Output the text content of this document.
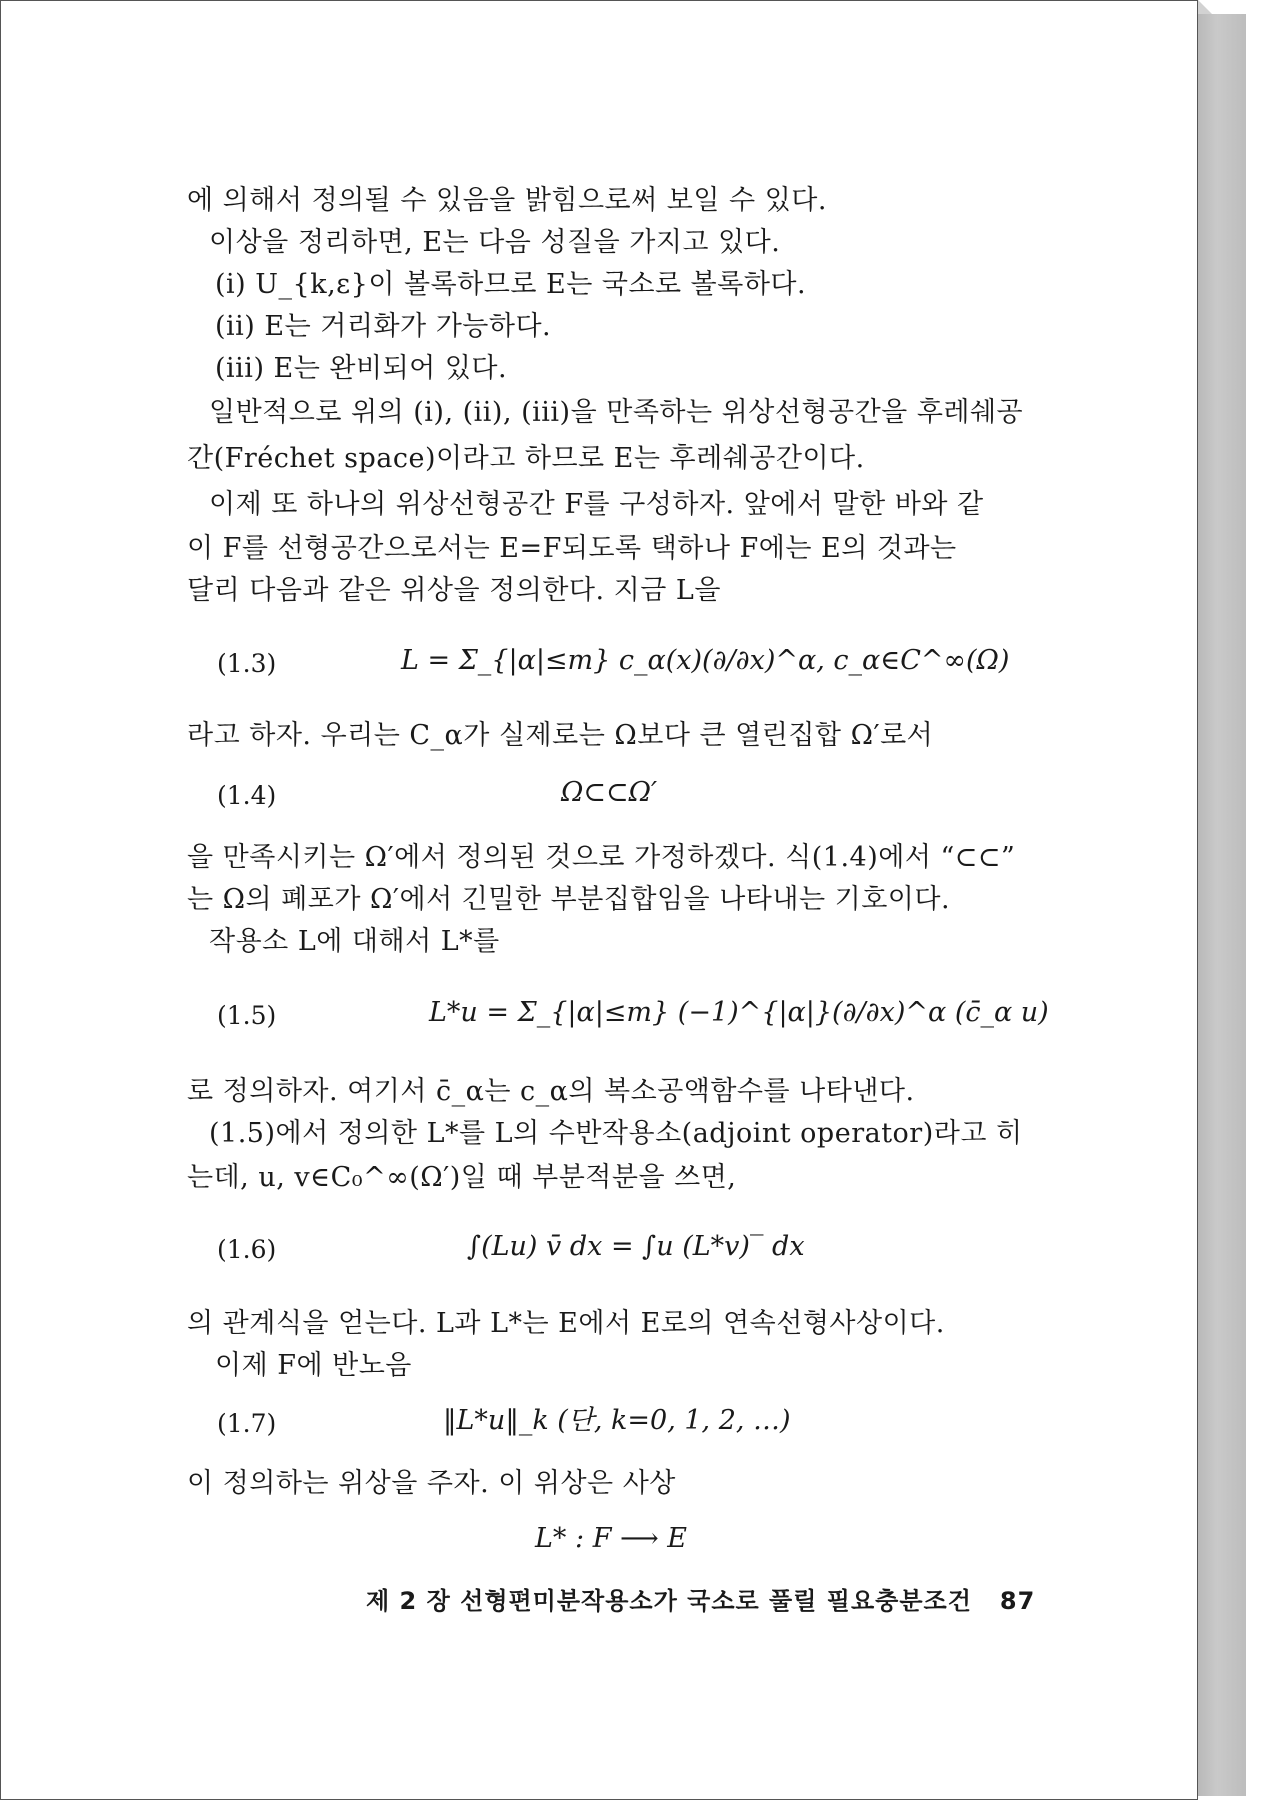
에 의해서 정의될 수 있음을 밝힘으로써 보일 수 있다.
이상을 정리하면, E는 다음 성질을 가지고 있다.
(i) U_{k,ε}이 볼록하므로 E는 국소로 볼록하다.
(ii) E는 거리화가 가능하다.
(iii) E는 완비되어 있다.
일반적으로 위의 (i), (ii), (iii)을 만족하는 위상선형공간을 후레쉐공
간(Fréchet space)이라고 하므로 E는 후레쉐공간이다.
이제 또 하나의 위상선형공간 F를 구성하자. 앞에서 말한 바와 같
이 F를 선형공간으로서는 E=F되도록 택하나 F에는 E의 것과는
달리 다음과 같은 위상을 정의한다. 지금 L을
(1.3)	L = Σ_{|α|≤m} c_α(x)(∂/∂x)^α, c_α∈C^∞(Ω)
라고 하자. 우리는 C_α가 실제로는 Ω보다 큰 열린집합 Ω′로서
(1.4)	Ω⊂⊂Ω′
을 만족시키는 Ω′에서 정의된 것으로 가정하겠다. 식(1.4)에서 “⊂⊂”
는 Ω의 폐포가 Ω′에서 긴밀한 부분집합임을 나타내는 기호이다.
작용소 L에 대해서 L*를
(1.5)	L*u = Σ_{|α|≤m} (−1)^{|α|}(∂/∂x)^α (c̄_α u)
로 정의하자. 여기서 c̄_α는 c_α의 복소공액함수를 나타낸다.
(1.5)에서 정의한 L*를 L의 수반작용소(adjoint operator)라고 히
는데, u, v∈C₀^∞(Ω′)일 때 부분적분을 쓰면,
(1.6)	∫(Lu) v̄ dx = ∫u (L*v)‾ dx
의 관계식을 얻는다. L과 L*는 E에서 E로의 연속선형사상이다.
이제 F에 반노음
(1.7)	‖L*u‖_k (단, k=0, 1, 2, …)
이 정의하는 위상을 주자. 이 위상은 사상
L* : F ⟶ E
제 2 장 선형편미분작용소가 국소로 풀릴 필요충분조건 87
